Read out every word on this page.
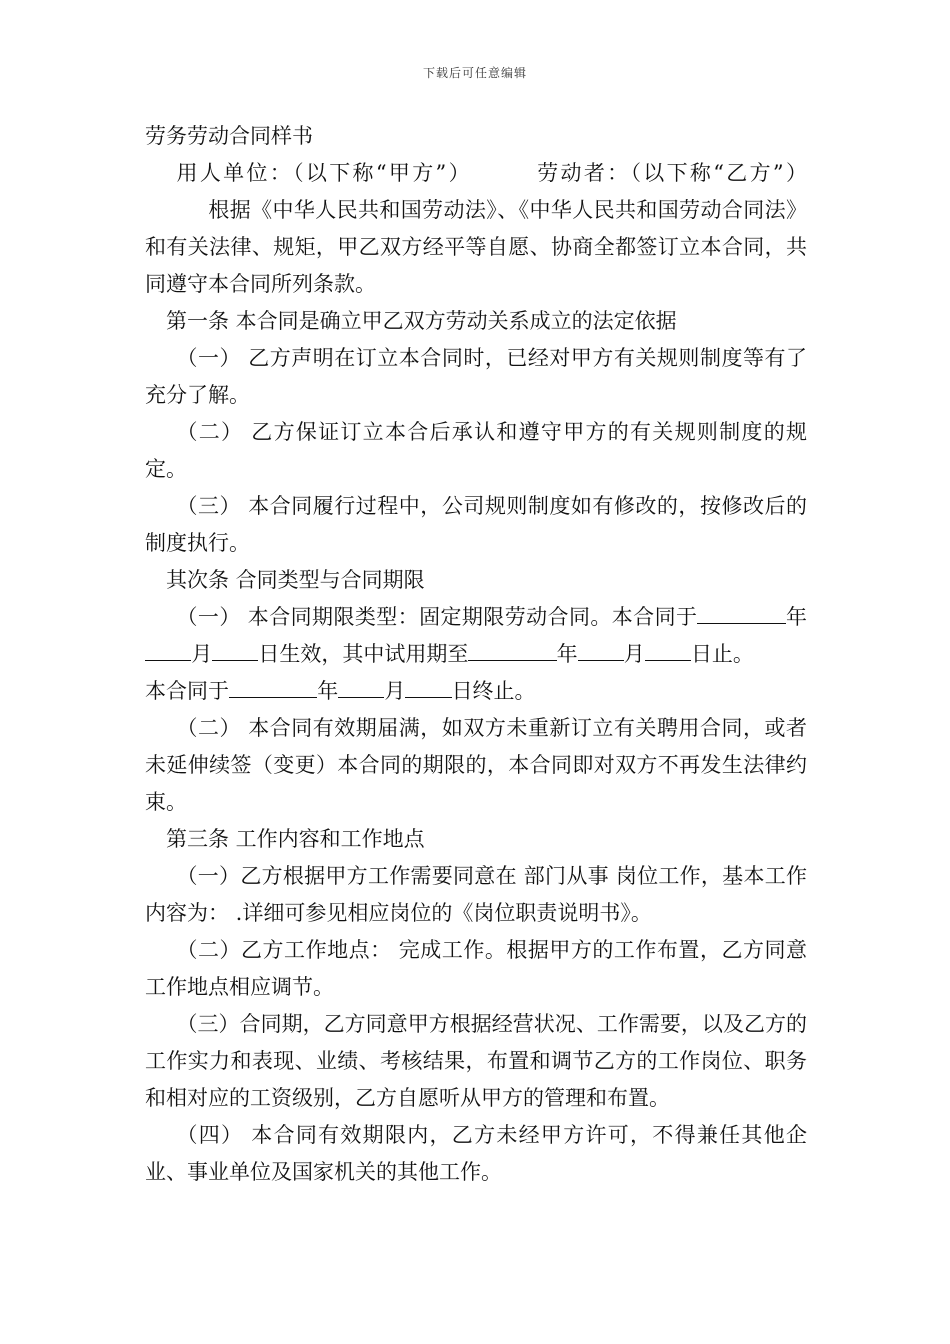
下载后可任意编辑
劳务劳动合同样书

用人单位：（以下称“甲方”）	劳动者：（以下称“乙方”）根据《中华人民共和国劳动法》、《中华人民共和国劳动合同法》和有关法律、规矩，甲乙双方经平等自愿、协商全都签订立本合同，共同遵守本合同所列条款。

第一条 本合同是确立甲乙双方劳动关系成立的法定依据

（一） 乙方声明在订立本合同时，已经对甲方有关规则制度等有了充分了解。

（二） 乙方保证订立本合后承认和遵守甲方的有关规则制度的规定。

（三） 本合同履行过程中，公司规则制度如有修改的，按修改后的制度执行。

其次条 合同类型与合同期限

（一） 本合同期限类型：固定期限劳动合同。本合同于	年月 日生效，其中试用期至	年 月 日止。
本合同于	年 月 日终止。

（二） 本合同有效期届满，如双方未重新订立有关聘用合同，或者未延伸续签（变更）本合同的期限的，本合同即对双方不再发生法律约束。

第三条 工作内容和工作地点

（一）乙方根据甲方工作需要同意在 部门从事 岗位工作，基本工作内容为： .详细可参见相应岗位的《岗位职责说明书》。

（二）乙方工作地点： 完成工作。根据甲方的工作布置，乙方同意工作地点相应调节。

（三）合同期，乙方同意甲方根据经营状况、工作需要，以及乙方的工作实力和表现、业绩、考核结果，布置和调节乙方的工作岗位、职务和相对应的工资级别，乙方自愿听从甲方的管理和布置。

（四） 本合同有效期限内，乙方未经甲方许可，不得兼任其他企业、事业单位及国家机关的其他工作。
